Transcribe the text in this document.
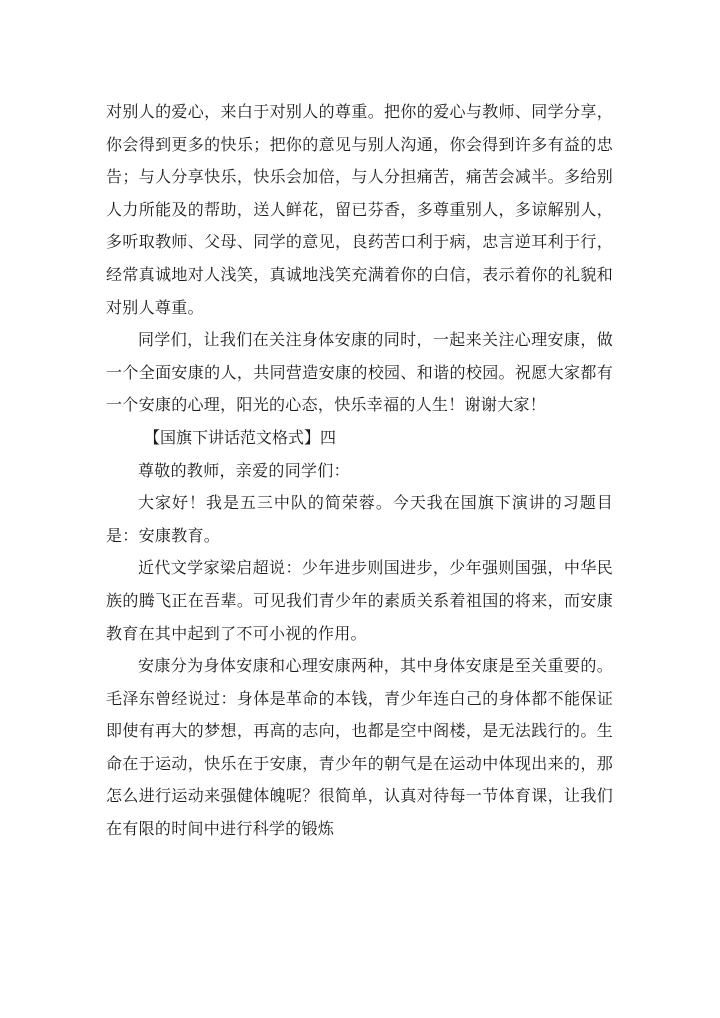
对别人的爱心，来白于对别人的尊重。把你的爱心与教师、同学分享，你会得到更多的快乐；把你的意见与别人沟通，你会得到许多有益的忠告；与人分享快乐，快乐会加倍，与人分担痛苦，痛苦会减半。多给别人力所能及的帮助，送人鲜花，留已芬香，多尊重别人，多谅解别人，多听取教师、父母、同学的意见，良药苦口利于病，忠言逆耳利于行，经常真诚地对人浅笑，真诚地浅笑充满着你的白信，表示着你的礼貌和对别人尊重。

同学们，让我们在关注身体安康的同时，一起来关注心理安康，做一个全面安康的人，共同营造安康的校园、和谐的校园。祝愿大家都有一个安康的心理，阳光的心态，快乐幸福的人生！谢谢大家！

【国旗下讲话范文格式】四

尊敬的教师，亲爱的同学们：

大家好！我是五三中队的简荣蓉。今天我在国旗下演讲的习题目是：安康教育。

近代文学家梁启超说：少年进步则国进步，少年强则国强，中华民族的腾飞正在吾辈。可见我们青少年的素质关系着祖国的将来，而安康教育在其中起到了不可小视的作用。

安康分为身体安康和心理安康两种，其中身体安康是至关重要的。毛泽东曾经说过：身体是革命的本钱，青少年连白己的身体都不能保证即使有再大的梦想，再高的志向，也都是空中阁楼，是无法践行的。生命在于运动，快乐在于安康，青少年的朝气是在运动中体现出来的，那怎么进行运动来强健体魄呢？很简单，认真对待每一节体育课，让我们在有限的时间中进行科学的锻炼
